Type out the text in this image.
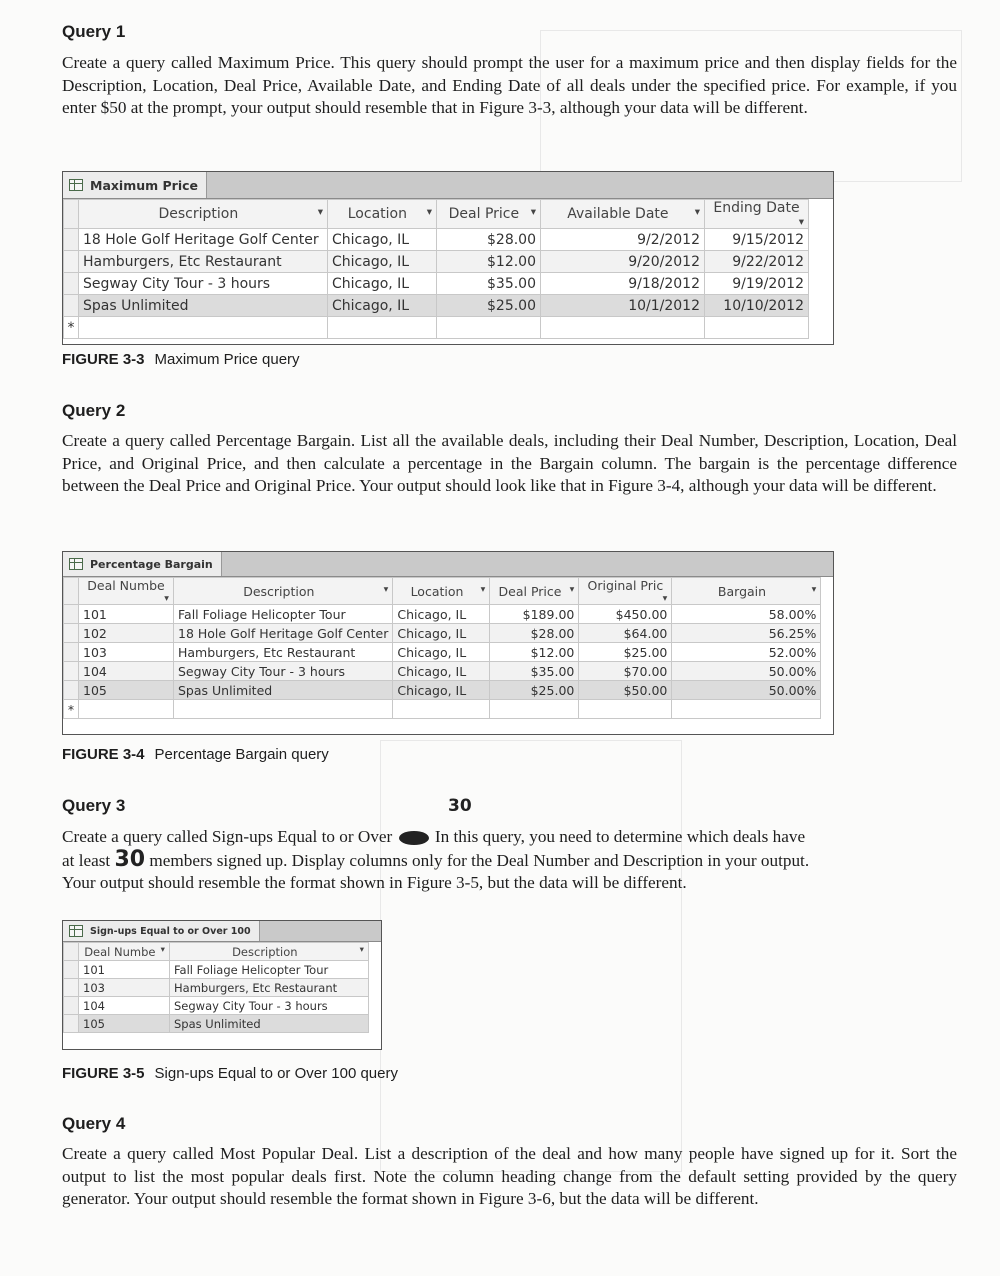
Query 1

Create a query called Maximum Price. This query should prompt the user for a maximum price and then display fields for the Description, Location, Deal Price, Available Date, and Ending Date of all deals under the specified price. For example, if you enter $50 at the prompt, your output should resemble that in Figure 3-3, although your data will be different.

Maximum Price
	Description ▾	Location ▾	Deal Price ▾	Available Date ▾	Ending Date
▾

	18 Hole Golf Heritage Golf Center	Chicago, IL	$28.00	9/2/2012	9/15/2012
	Hamburgers, Etc Restaurant	Chicago, IL	$12.00	9/20/2012	9/22/2012
	Segway City Tour - 3 hours	Chicago, IL	$35.00	9/18/2012	9/19/2012
	Spas Unlimited	Chicago, IL	$25.00	10/1/2012	10/10/2012
*					
FIGURE 3-3 Maximum Price query
Query 2

Create a query called Percentage Bargain. List all the available deals, including their Deal Number, Description, Location, Deal Price, and Original Price, and then calculate a percentage in the Bargain column. The bargain is the percentage difference between the Deal Price and Original Price. Your output should look like that in Figure 3-4, although your data will be different.

Percentage Bargain
	Deal Numbe
▾	Description ▾	Location ▾	Deal Price ▾	Original Pric
▾	Bargain ▾

	101	Fall Foliage Helicopter Tour	Chicago, IL	$189.00	$450.00	58.00%
	102	18 Hole Golf Heritage Golf Center	Chicago, IL	$28.00	$64.00	56.25%
	103	Hamburgers, Etc Restaurant	Chicago, IL	$12.00	$25.00	52.00%
	104	Segway City Tour - 3 hours	Chicago, IL	$35.00	$70.00	50.00%
	105	Spas Unlimited	Chicago, IL	$25.00	$50.00	50.00%
*						
FIGURE 3-4 Percentage Bargain query
Query 3	30
Create a query called Sign-ups Equal to or Over In this query, you need to determine which deals have
at least 30 members signed up. Display columns only for the Deal Number and Description in your output.
Your output should resemble the format shown in Figure 3-5, but the data will be different.
Sign-ups Equal to or Over 100
	Deal Numbe ▾	Description ▾

	101	Fall Foliage Helicopter Tour
	103	Hamburgers, Etc Restaurant
	104	Segway City Tour - 3 hours
	105	Spas Unlimited
FIGURE 3-5 Sign-ups Equal to or Over 100 query
Query 4

Create a query called Most Popular Deal. List a description of the deal and how many people have signed up for it. Sort the output to list the most popular deals first. Note the column heading change from the default setting provided by the query generator. Your output should resemble the format shown in Figure 3-6, but the data will be different.
